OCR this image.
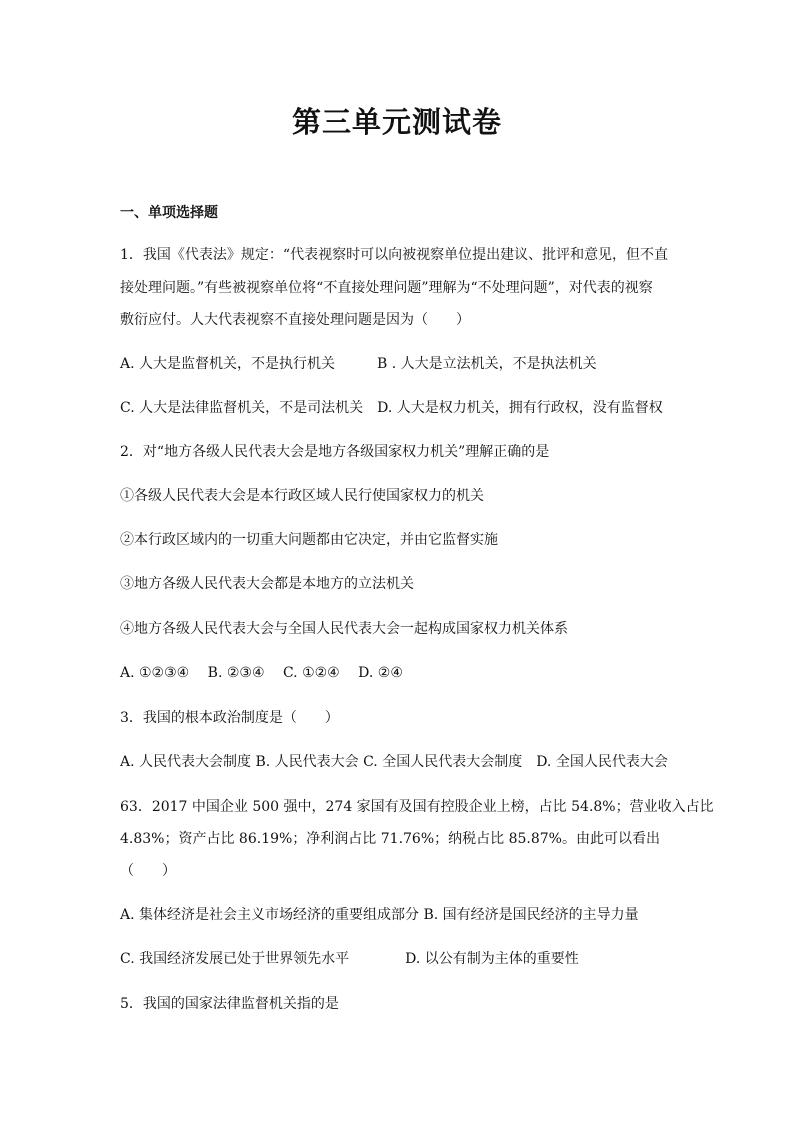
第三单元测试卷
一、单项选择题
1．我国《代表法》规定：“代表视察时可以向被视察单位提出建议、批评和意见，但不直
接处理问题。”有些被视察单位将“不直接处理问题”理解为“不处理问题”，对代表的视察
敷衍应付。人大代表视察不直接处理问题是因为（　　）
A. 人大是监督机关，不是执行机关　　　B . 人大是立法机关，不是执法机关
C. 人大是法律监督机关，不是司法机关　D. 人大是权力机关，拥有行政权，没有监督权
2．对“地方各级人民代表大会是地方各级国家权力机关”理解正确的是
①各级人民代表大会是本行政区域人民行使国家权力的机关
②本行政区域内的一切重大问题都由它决定，并由它监督实施
③地方各级人民代表大会都是本地方的立法机关
④地方各级人民代表大会与全国人民代表大会一起构成国家权力机关体系
A. ①②③④　 B. ②③④　 C. ①②④　 D. ②④
3．我国的根本政治制度是（　　）
A. 人民代表大会制度 B. 人民代表大会 C. 全国人民代表大会制度　D. 全国人民代表大会
63．2017 中国企业 500 强中，274 家国有及国有控股企业上榜，占比 54.8%；营业收入占比
4.83%；资产占比 86.19%；净利润占比 71.76%；纳税占比 85.87%。由此可以看出
（　　）
A. 集体经济是社会主义市场经济的重要组成部分 B. 国有经济是国民经济的主导力量
C. 我国经济发展已处于世界领先水平　　　　D. 以公有制为主体的重要性
5．我国的国家法律监督机关指的是
